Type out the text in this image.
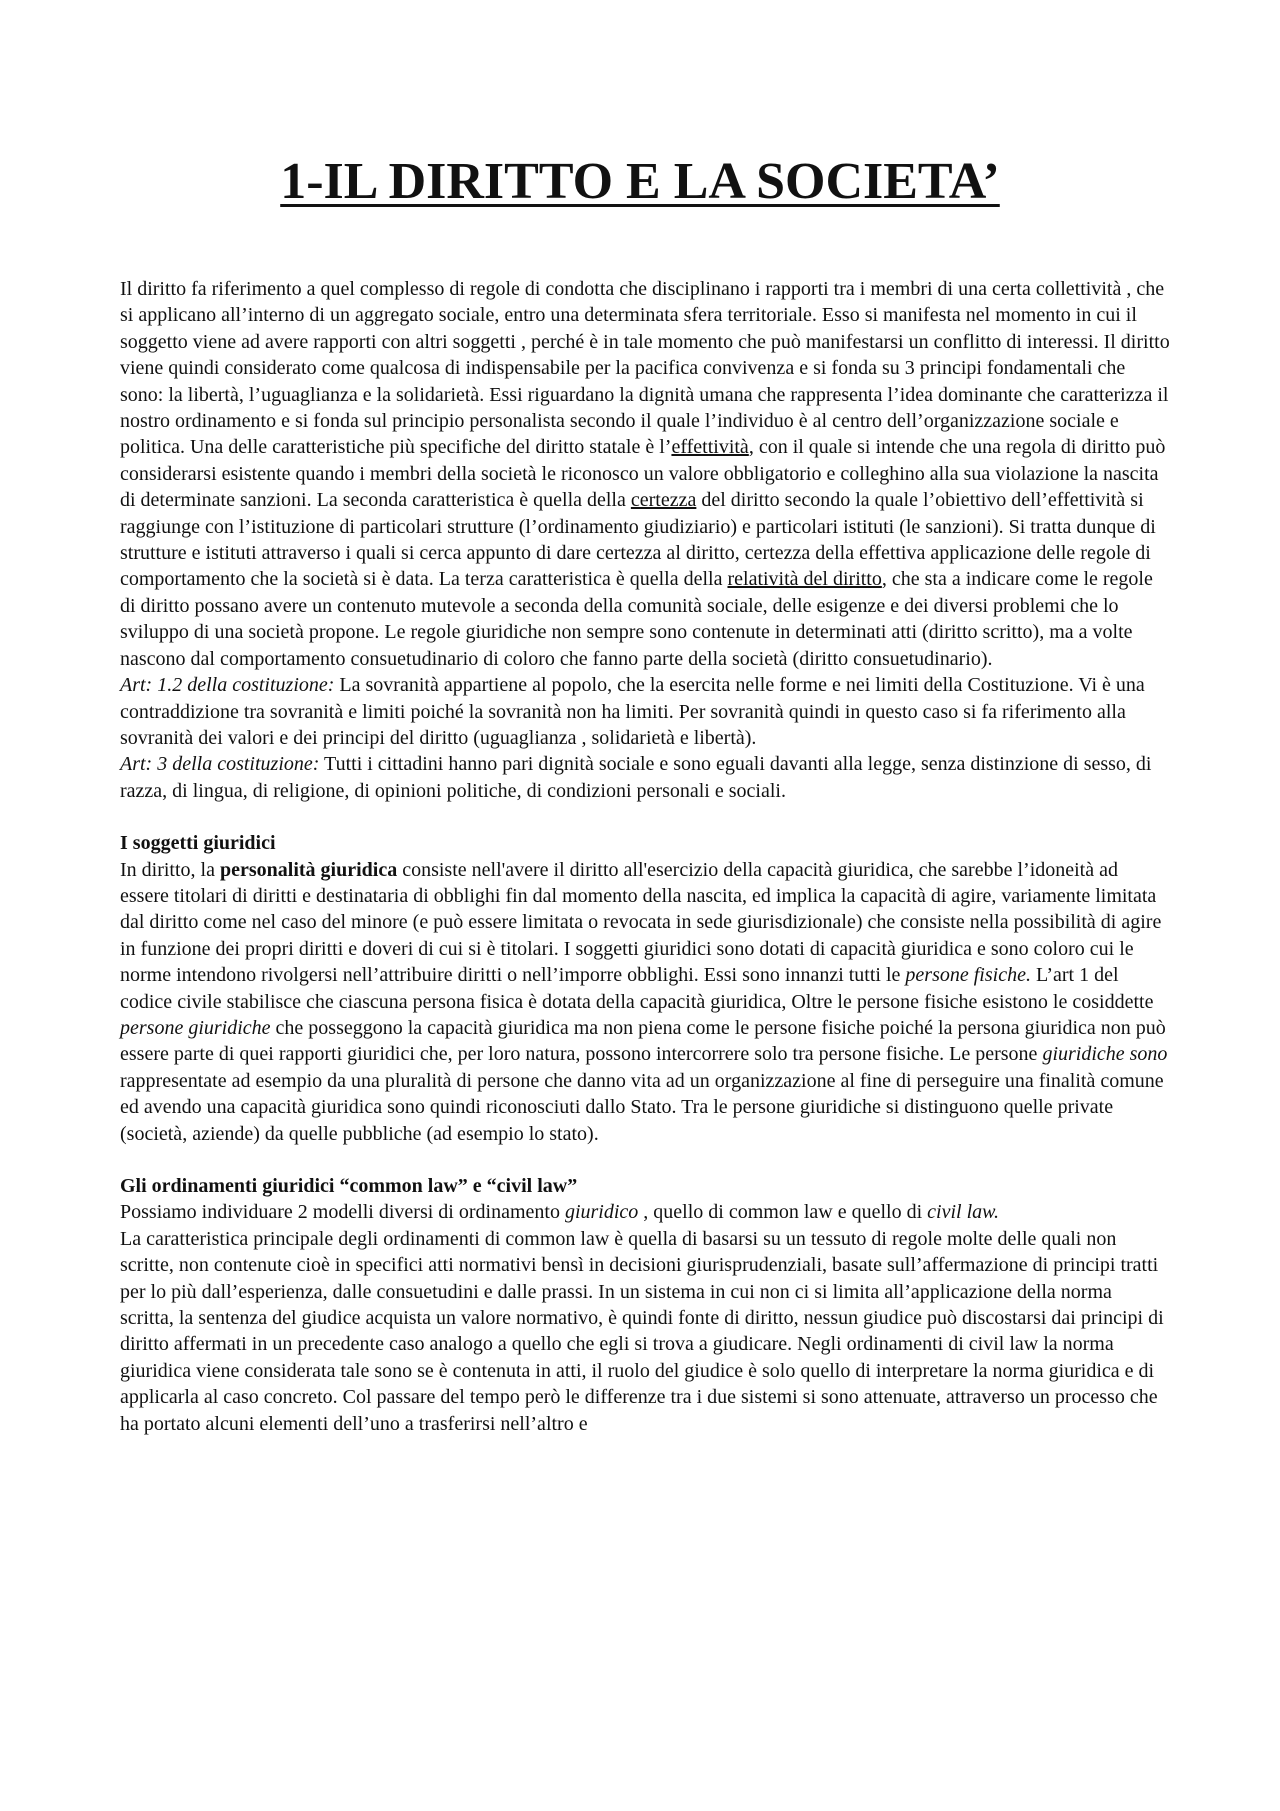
1-IL DIRITTO E LA SOCIETA’

Il diritto fa riferimento a quel complesso di regole di condotta che disciplinano i rapporti tra i membri di una certa collettività , che si applicano all’interno di un aggregato sociale, entro una determinata sfera territoriale. Esso si manifesta nel momento in cui il soggetto viene ad avere rapporti con altri soggetti , perché è in tale momento che può manifestarsi un conflitto di interessi. Il diritto viene quindi considerato come qualcosa di indispensabile per la pacifica convivenza e si fonda su 3 principi fondamentali che sono: la libertà, l’uguaglianza e la solidarietà. Essi riguardano la dignità umana che rappresenta l’idea dominante che caratterizza il nostro ordinamento e si fonda sul principio personalista secondo il quale l’individuo è al centro dell’organizzazione sociale e politica. Una delle caratteristiche più specifiche del diritto statale è l’effettività, con il quale si intende che una regola di diritto può considerarsi esistente quando i membri della società le riconosco un valore obbligatorio e colleghino alla sua violazione la nascita di determinate sanzioni. La seconda caratteristica è quella della certezza del diritto secondo la quale l’obiettivo dell’effettività si raggiunge con l’istituzione di particolari strutture (l’ordinamento giudiziario) e particolari istituti (le sanzioni). Si tratta dunque di strutture e istituti attraverso i quali si cerca appunto di dare certezza al diritto, certezza della effettiva applicazione delle regole di comportamento che la società si è data. La terza caratteristica è quella della relatività del diritto, che sta a indicare come le regole di diritto possano avere un contenuto mutevole a seconda della comunità sociale, delle esigenze e dei diversi problemi che lo sviluppo di una società propone. Le regole giuridiche non sempre sono contenute in determinati atti (diritto scritto), ma a volte nascono dal comportamento consuetudinario di coloro che fanno parte della società (diritto consuetudinario).

Art: 1.2 della costituzione: La sovranità appartiene al popolo, che la esercita nelle forme e nei limiti della Costituzione. Vi è una contraddizione tra sovranità e limiti poiché la sovranità non ha limiti. Per sovranità quindi in questo caso si fa riferimento alla sovranità dei valori e dei principi del diritto (uguaglianza , solidarietà e libertà).

Art: 3 della costituzione: Tutti i cittadini hanno pari dignità sociale e sono eguali davanti alla legge, senza distinzione di sesso, di razza, di lingua, di religione, di opinioni politiche, di condizioni personali e sociali.

I soggetti giuridici

In diritto, la personalità giuridica consiste nell'avere il diritto all'esercizio della capacità giuridica, che sarebbe l’idoneità ad essere titolari di diritti e destinataria di obblighi fin dal momento della nascita, ed implica la capacità di agire, variamente limitata dal diritto come nel caso del minore (e può essere limitata o revocata in sede giurisdizionale) che consiste nella possibilità di agire in funzione dei propri diritti e doveri di cui si è titolari. I soggetti giuridici sono dotati di capacità giuridica e sono coloro cui le norme intendono rivolgersi nell’attribuire diritti o nell’imporre obblighi. Essi sono innanzi tutti le persone fisiche. L’art 1 del codice civile stabilisce che ciascuna persona fisica è dotata della capacità giuridica, Oltre le persone fisiche esistono le cosiddette persone giuridiche che posseggono la capacità giuridica ma non piena come le persone fisiche poiché la persona giuridica non può essere parte di quei rapporti giuridici che, per loro natura, possono intercorrere solo tra persone fisiche. Le persone giuridiche sono rappresentate ad esempio da una pluralità di persone che danno vita ad un organizzazione al fine di perseguire una finalità comune ed avendo una capacità giuridica sono quindi riconosciuti dallo Stato. Tra le persone giuridiche si distinguono quelle private (società, aziende) da quelle pubbliche (ad esempio lo stato).

Gli ordinamenti giuridici “common law” e “civil law”

Possiamo individuare 2 modelli diversi di ordinamento giuridico , quello di common law e quello di civil law.

La caratteristica principale degli ordinamenti di common law è quella di basarsi su un tessuto di regole molte delle quali non scritte, non contenute cioè in specifici atti normativi bensì in decisioni giurisprudenziali, basate sull’affermazione di principi tratti per lo più dall’esperienza, dalle consuetudini e dalle prassi. In un sistema in cui non ci si limita all’applicazione della norma scritta, la sentenza del giudice acquista un valore normativo, è quindi fonte di diritto, nessun giudice può discostarsi dai principi di diritto affermati in un precedente caso analogo a quello che egli si trova a giudicare. Negli ordinamenti di civil law la norma giuridica viene considerata tale sono se è contenuta in atti, il ruolo del giudice è solo quello di interpretare la norma giuridica e di applicarla al caso concreto. Col passare del tempo però le differenze tra i due sistemi si sono attenuate, attraverso un processo che ha portato alcuni elementi dell’uno a trasferirsi nell’altro e
